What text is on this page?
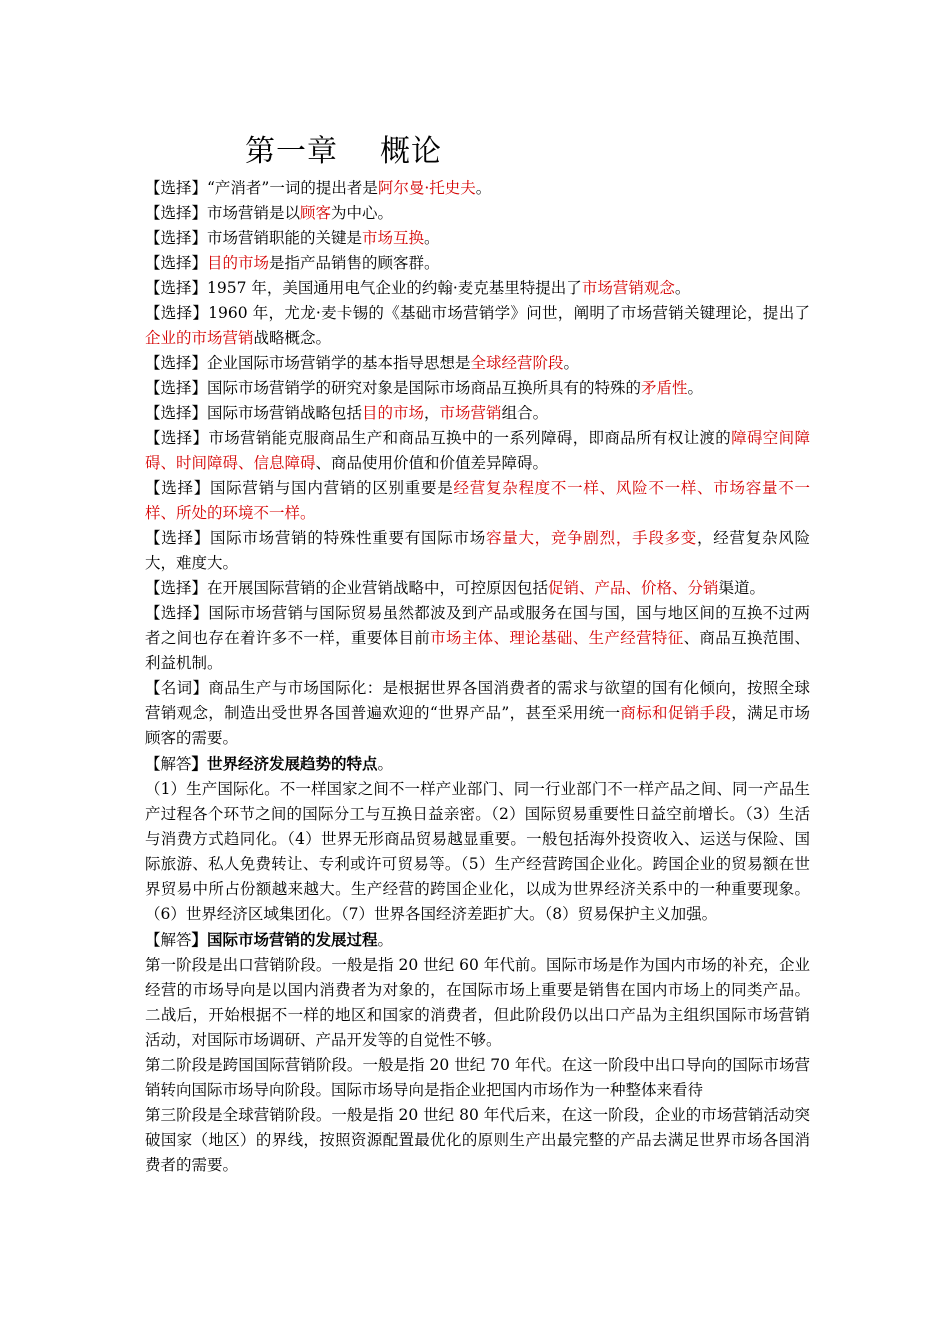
第一章 概论

【选择】“产消者”一词的提出者是阿尔曼·托史夫。

【选择】市场营销是以顾客为中心。

【选择】市场营销职能的关键是市场互换。

【选择】目的市场是指产品销售的顾客群。

【选择】1957 年，美国通用电气企业的约翰·麦克基里特提出了市场营销观念。

【选择】1960 年，尤龙·麦卡锡的《基础市场营销学》问世，阐明了市场营销关键理论，提出了企业的市场营销战略概念。

【选择】企业国际市场营销学的基本指导思想是全球经营阶段。

【选择】国际市场营销学的研究对象是国际市场商品互换所具有的特殊的矛盾性。

【选择】国际市场营销战略包括目的市场，市场营销组合。

【选择】市场营销能克服商品生产和商品互换中的一系列障碍，即商品所有权让渡的障碍空间障碍、时间障碍、信息障碍、商品使用价值和价值差异障碍。

【选择】国际营销与国内营销的区别重要是经营复杂程度不一样、风险不一样、市场容量不一样、所处的环境不一样。

【选择】国际市场营销的特殊性重要有国际市场容量大，竞争剧烈，手段多变，经营复杂风险大，难度大。

【选择】在开展国际营销的企业营销战略中，可控原因包括促销、产品、价格、分销渠道。

【选择】国际市场营销与国际贸易虽然都波及到产品或服务在国与国，国与地区间的互换不过两者之间也存在着许多不一样，重要体目前市场主体、理论基础、生产经营特征、商品互换范围、利益机制。

【名词】商品生产与市场国际化：是根据世界各国消费者的需求与欲望的国有化倾向，按照全球营销观念，制造出受世界各国普遍欢迎的“世界产品”，甚至采用统一商标和促销手段，满足市场顾客的需要。

【解答】世界经济发展趋势的特点。

（1）生产国际化。不一样国家之间不一样产业部门、同一行业部门不一样产品之间、同一产品生产过程各个环节之间的国际分工与互换日益亲密。（2）国际贸易重要性日益空前增长。（3）生活与消费方式趋同化。（4）世界无形商品贸易越显重要。一般包括海外投资收入、运送与保险、国际旅游、私人免费转让、专利或许可贸易等。（5）生产经营跨国企业化。跨国企业的贸易额在世界贸易中所占份额越来越大。生产经营的跨国企业化，以成为世界经济关系中的一种重要现象。（6）世界经济区域集团化。（7）世界各国经济差距扩大。（8）贸易保护主义加强。

【解答】国际市场营销的发展过程。

第一阶段是出口营销阶段。一般是指 20 世纪 60 年代前。国际市场是作为国内市场的补充，企业经营的市场导向是以国内消费者为对象的，在国际市场上重要是销售在国内市场上的同类产品。二战后，开始根据不一样的地区和国家的消费者，但此阶段仍以出口产品为主组织国际市场营销活动，对国际市场调研、产品开发等的自觉性不够。

第二阶段是跨国国际营销阶段。一般是指 20 世纪 70 年代。在这一阶段中出口导向的国际市场营销转向国际市场导向阶段。国际市场导向是指企业把国内市场作为一种整体来看待

第三阶段是全球营销阶段。一般是指 20 世纪 80 年代后来，在这一阶段，企业的市场营销活动突破国家（地区）的界线，按照资源配置最优化的原则生产出最完整的产品去满足世界市场各国消费者的需要。
